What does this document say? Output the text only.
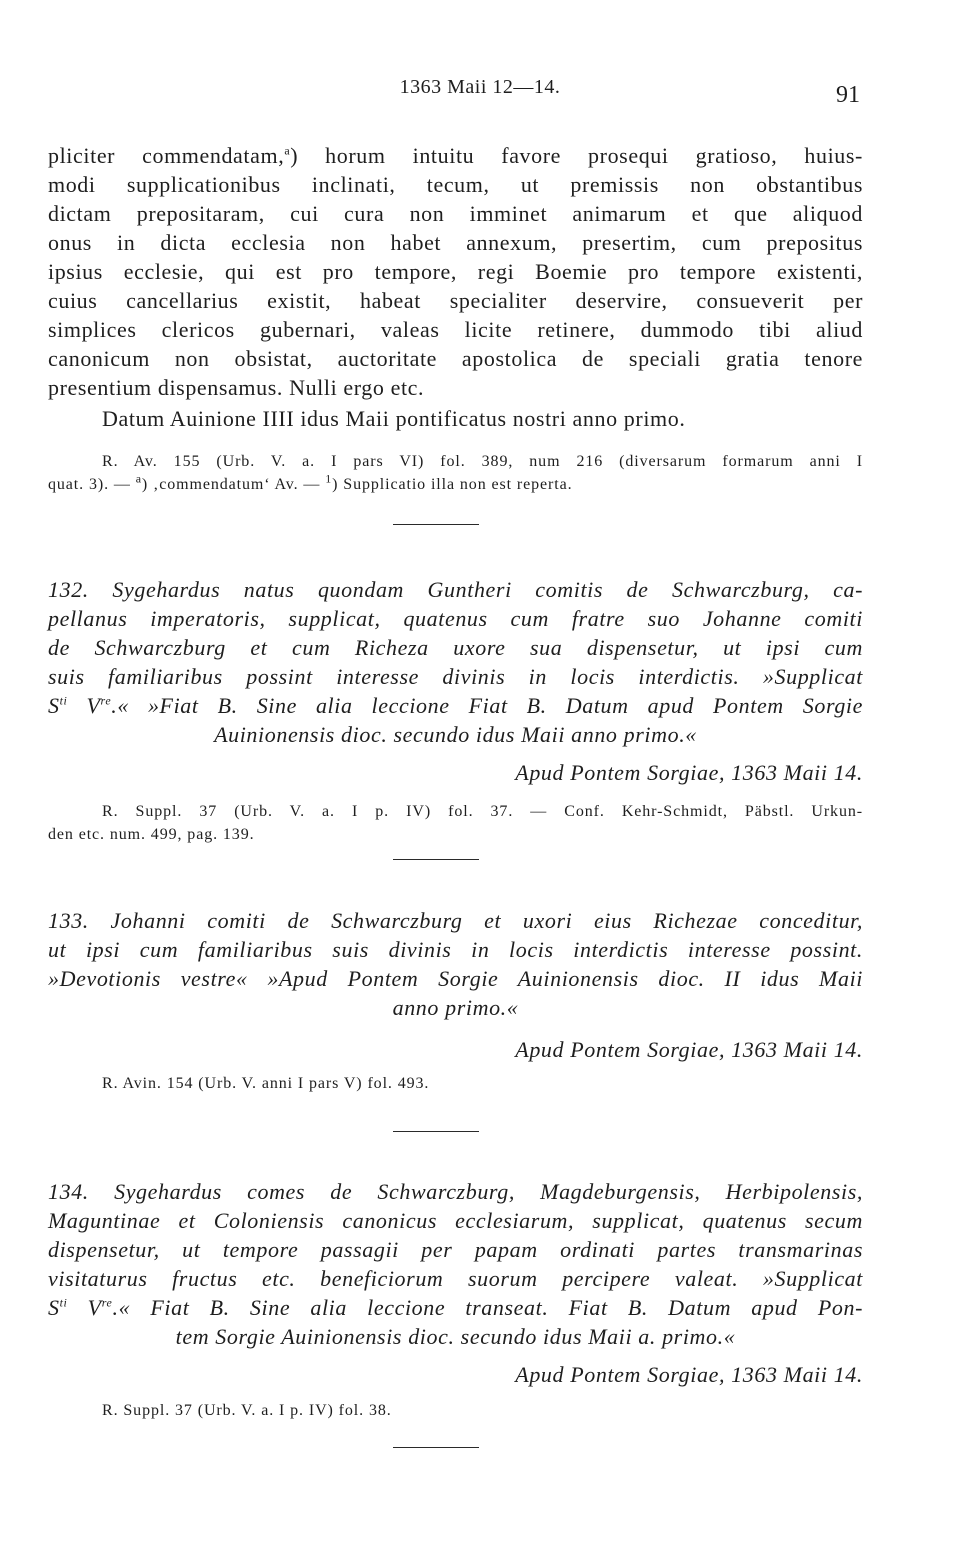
1363 Maii 12—14.	91
pliciter commendatam,$^a$) horum intuitu favore prosequi gratioso, huius-
modi supplicationibus inclinati, tecum, ut premissis non obstantibus
dictam prepositaram, cui cura non imminet animarum et que aliquod
onus in dicta ecclesia non habet annexum, presertim, cum prepositus
ipsius ecclesie, qui est pro tempore, regi Boemie pro tempore existenti,
cuius cancellarius existit, habeat specialiter deservire, consueverit per
simplices clericos gubernari, valeas licite retinere, dummodo tibi aliud
canonicum non obsistat, auctoritate apostolica de speciali gratia tenore
presentium dispensamus. Nulli ergo etc.
Datum Auinione IIII idus Maii pontificatus nostri anno primo.
R. Av. 155 (Urb. V. a. I pars VI) fol. 389, num 216 (diversarum formarum anni I
quat. 3). — $^a$) ‚commendatum‘ Av. — $^1$) Supplicatio illa non est reperta.
132. Sygehardus natus quondam Guntheri comitis de Schwarczburg, ca-
pellanus imperatoris, supplicat, quatenus cum fratre suo Johanne comiti
de Schwarczburg et cum Richeza uxore sua dispensetur, ut ipsi cum
suis familiaribus possint interesse divinis in locis interdictis. »Supplicat
$S^{ti}$ Vre.« »Fiat B. Sine alia leccione Fiat B. Datum apud Pontem Sorgie
Auinionensis dioc. secundo idus Maii anno primo.«
Apud Pontem Sorgiae, 1363 Maii 14.
R. Suppl. 37 (Urb. V. a. I p. IV) fol. 37. — Conf. Kehr-Schmidt, Päbstl. Urkun-
den etc. num. 499, pag. 139.
133. Johanni comiti de Schwarczburg et uxori eius Richezae conceditur,
ut ipsi cum familiaribus suis divinis in locis interdictis interesse possint.
»Devotionis vestre« »Apud Pontem Sorgie Auinionensis dioc. II idus Maii
anno primo.«
Apud Pontem Sorgiae, 1363 Maii 14.
R. Avin. 154 (Urb. V. anni I pars V) fol. 493.
134. Sygehardus comes de Schwarczburg, Magdeburgensis, Herbipolensis,
Maguntinae et Coloniensis canonicus ecclesiarum, supplicat, quatenus secum
dispensetur, ut tempore passagii per papam ordinati partes transmarinas
visitaturus fructus etc. beneficiorum suorum percipere valeat. »Supplicat
$S^{ti}$ Vre.« Fiat B. Sine alia leccione transeat. Fiat B. Datum apud Pon-
tem Sorgie Auinionensis dioc. secundo idus Maii a. primo.«
Apud Pontem Sorgiae, 1363 Maii 14.
R. Suppl. 37 (Urb. V. a. I p. IV) fol. 38.
